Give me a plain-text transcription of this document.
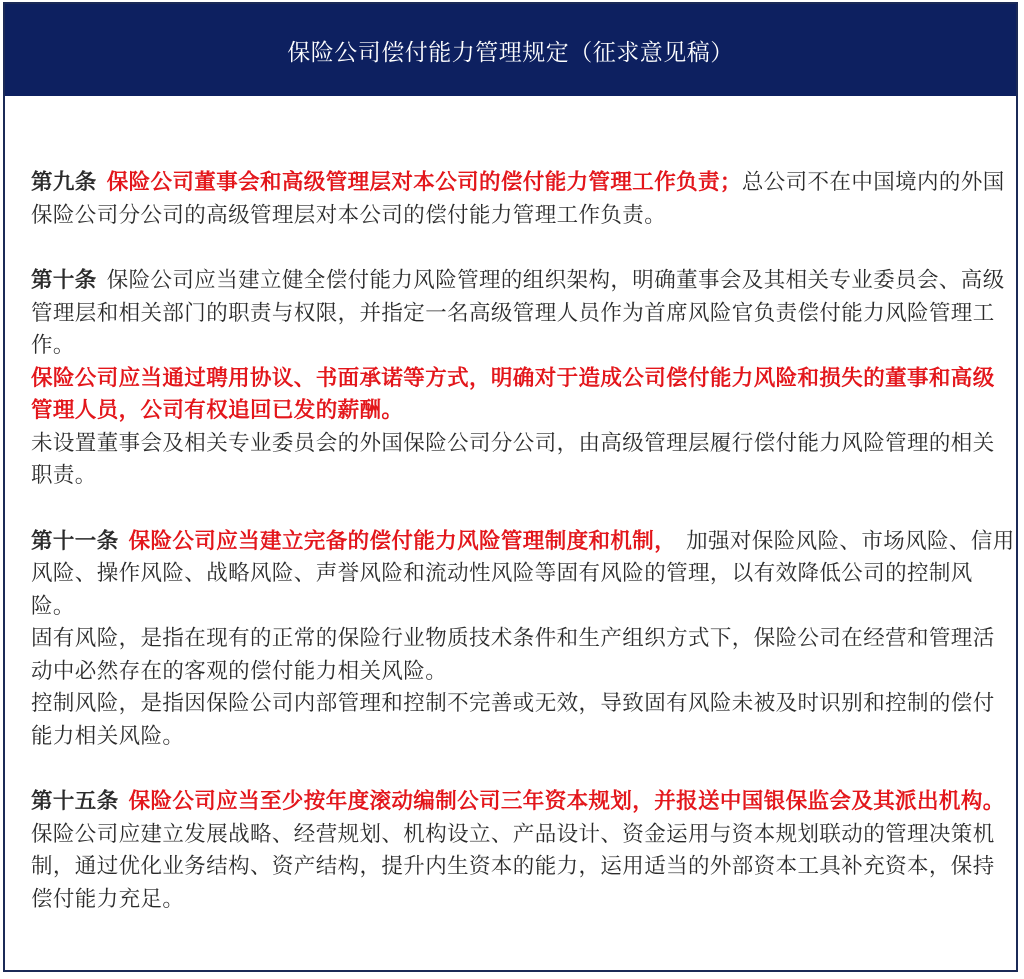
保险公司偿付能力管理规定（征求意见稿）

第九条 保险公司董事会和高级管理层对本公司的偿付能力管理工作负责；总公司不在中国境内的外国保险公司分公司的高级管理层对本公司的偿付能力管理工作负责。

第十条 保险公司应当建立健全偿付能力风险管理的组织架构，明确董事会及其相关专业委员会、高级管理层和相关部门的职责与权限，并指定一名高级管理人员作为首席风险官负责偿付能力风险管理工作。

保险公司应当通过聘用协议、书面承诺等方式，明确对于造成公司偿付能力风险和损失的董事和高级管理人员，公司有权追回已发的薪酬。

未设置董事会及相关专业委员会的外国保险公司分公司，由高级管理层履行偿付能力风险管理的相关职责。

第十一条 保险公司应当建立完备的偿付能力风险管理制度和机制， 加强对保险风险、市场风险、信用风险、操作风险、战略风险、声誉风险和流动性风险等固有风险的管理，以有效降低公司的控制风险。

固有风险，是指在现有的正常的保险行业物质技术条件和生产组织方式下，保险公司在经营和管理活动中必然存在的客观的偿付能力相关风险。

控制风险，是指因保险公司内部管理和控制不完善或无效，导致固有风险未被及时识别和控制的偿付能力相关风险。

第十五条 保险公司应当至少按年度滚动编制公司三年资本规划，并报送中国银保监会及其派出机构。保险公司应建立发展战略、经营规划、机构设立、产品设计、资金运用与资本规划联动的管理决策机制，通过优化业务结构、资产结构，提升内生资本的能力，运用适当的外部资本工具补充资本，保持偿付能力充足。
